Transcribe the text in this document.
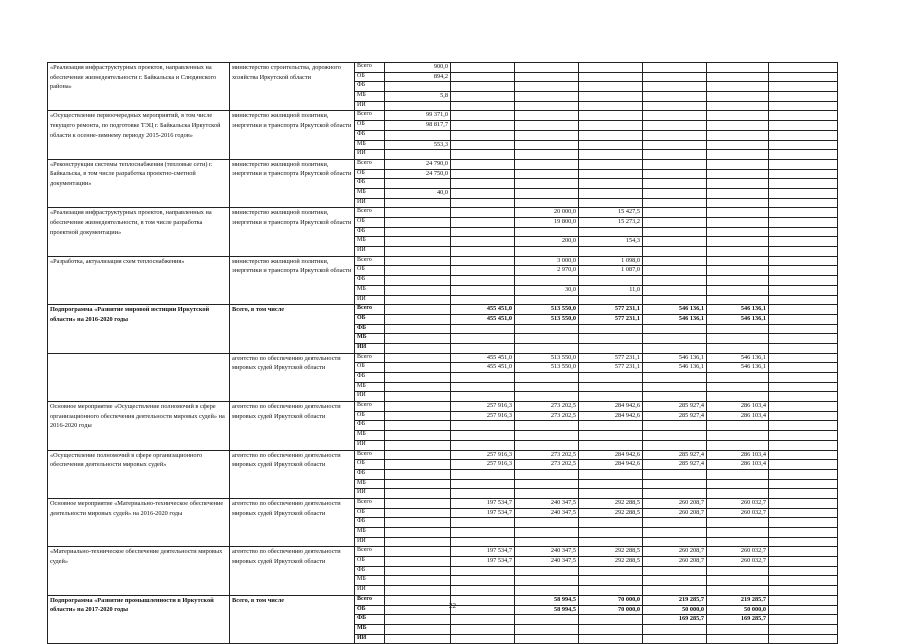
«Реализация инфраструктурных проектов, направленных на обеспечение жизнедеятельности г. Байкальска и Слюдянского района»	министерство строительства, дорожного хозяйства Иркутской области	Всего	900,0						
		ОБ	894,2						
		ФБ							
		МБ	5,8						
		ИИ							
«Осуществление первоочередных мероприятий, в том числе текущего ремонта, по подготовке ТЭЦ г. Байкальска Иркутской области к осенне-зимнему периоду 2015-2016 годов»	министерство жилищной политики, энергетики и транспорта Иркутской области	Всего	99 371,0						
		ОБ	98 817,7						
		ФБ							
		МБ	553,3						
		ИИ							
«Реконструкция системы теплоснабжения (тепловые сети) г. Байкальска, в том числе разработка проектно-сметной документации»	министерство жилищной политики, энергетики и транспорта Иркутской области	Всего	24 790,0						
		ОБ	24 750,0						
		ФБ							
		МБ	40,0						
		ИИ							
«Реализация инфраструктурных проектов, направленных на обеспечение жизнедеятельности, в том числе разработка проектной документации»	министерство жилищной политики, энергетики и транспорта Иркутской области	Всего			20 000,0	15 427,5			
		ОБ			19 800,0	15 273,2			
		ФБ							
		МБ			200,0	154,3			
		ИИ							
«Разработка, актуализация схем теплоснабжения»	министерство жилищной политики, энергетики и транспорта Иркутской области	Всего			3 000,0	1 098,0			
		ОБ			2 970,0	1 087,0			
		ФБ							
		МБ			30,0	11,0			
		ИИ							
Подпрограмма «Развитие мировой юстиции Иркутской области» на 2016-2020 годы	Всего, в том числе	Всего		455 451,0	513 550,0	577 231,1	546 136,1	546 136,1	
		ОБ		455 451,0	513 550,0	577 231,1	546 136,1	546 136,1	
		ФБ							
		МБ							
		ИИ							
	агентство по обеспечению деятельности мировых судей Иркутской области	Всего		455 451,0	513 550,0	577 231,1	546 136,1	546 136,1	
		ОБ		455 451,0	513 550,0	577 231,1	546 136,1	546 136,1	
		ФБ							
		МБ							
		ИИ							
Основное мероприятие «Осуществление полномочий в сфере организационного обеспечения деятельности мировых судей» на 2016-2020 годы	агентство по обеспечению деятельности мировых судей Иркутской области	Всего		257 916,3	273 202,5	284 942,6	285 927,4	286 103,4	
		ОБ		257 916,3	273 202,5	284 942,6	285 927,4	286 103,4	
		ФБ							
		МБ							
		ИИ							
«Осуществление полномочий в сфере организационного обеспечения деятельности мировых судей»	агентство по обеспечению деятельности мировых судей Иркутской области	Всего		257 916,3	273 202,5	284 942,6	285 927,4	286 103,4	
		ОБ		257 916,3	273 202,5	284 942,6	285 927,4	286 103,4	
		ФБ							
		МБ							
		ИИ							
Основное мероприятие «Материально-техническое обеспечение деятельности мировых судей» на 2016-2020 годы	агентство по обеспечению деятельности мировых судей Иркутской области	Всего		197 534,7	240 347,5	292 288,5	260 208,7	260 032,7	
		ОБ		197 534,7	240 347,5	292 288,5	260 208,7	260 032,7	
		ФБ							
		МБ							
		ИИ							
«Материально-техническое обеспечение деятельности мировых судей»	агентство по обеспечению деятельности мировых судей Иркутской области	Всего		197 534,7	240 347,5	292 288,5	260 208,7	260 032,7	
		ОБ		197 534,7	240 347,5	292 288,5	260 208,7	260 032,7	
		ФБ							
		МБ							
		ИИ							
Подпрограмма «Развитие промышленности в Иркутской области» на 2017-2020 годы	Всего, в том числе	Всего			58 994,5	70 000,0	219 285,7	219 285,7	
		ОБ			58 994,5	70 000,0	50 000,0	50 000,0	
		ФБ					169 285,7	169 285,7	
		МБ							
		ИИ							
22
